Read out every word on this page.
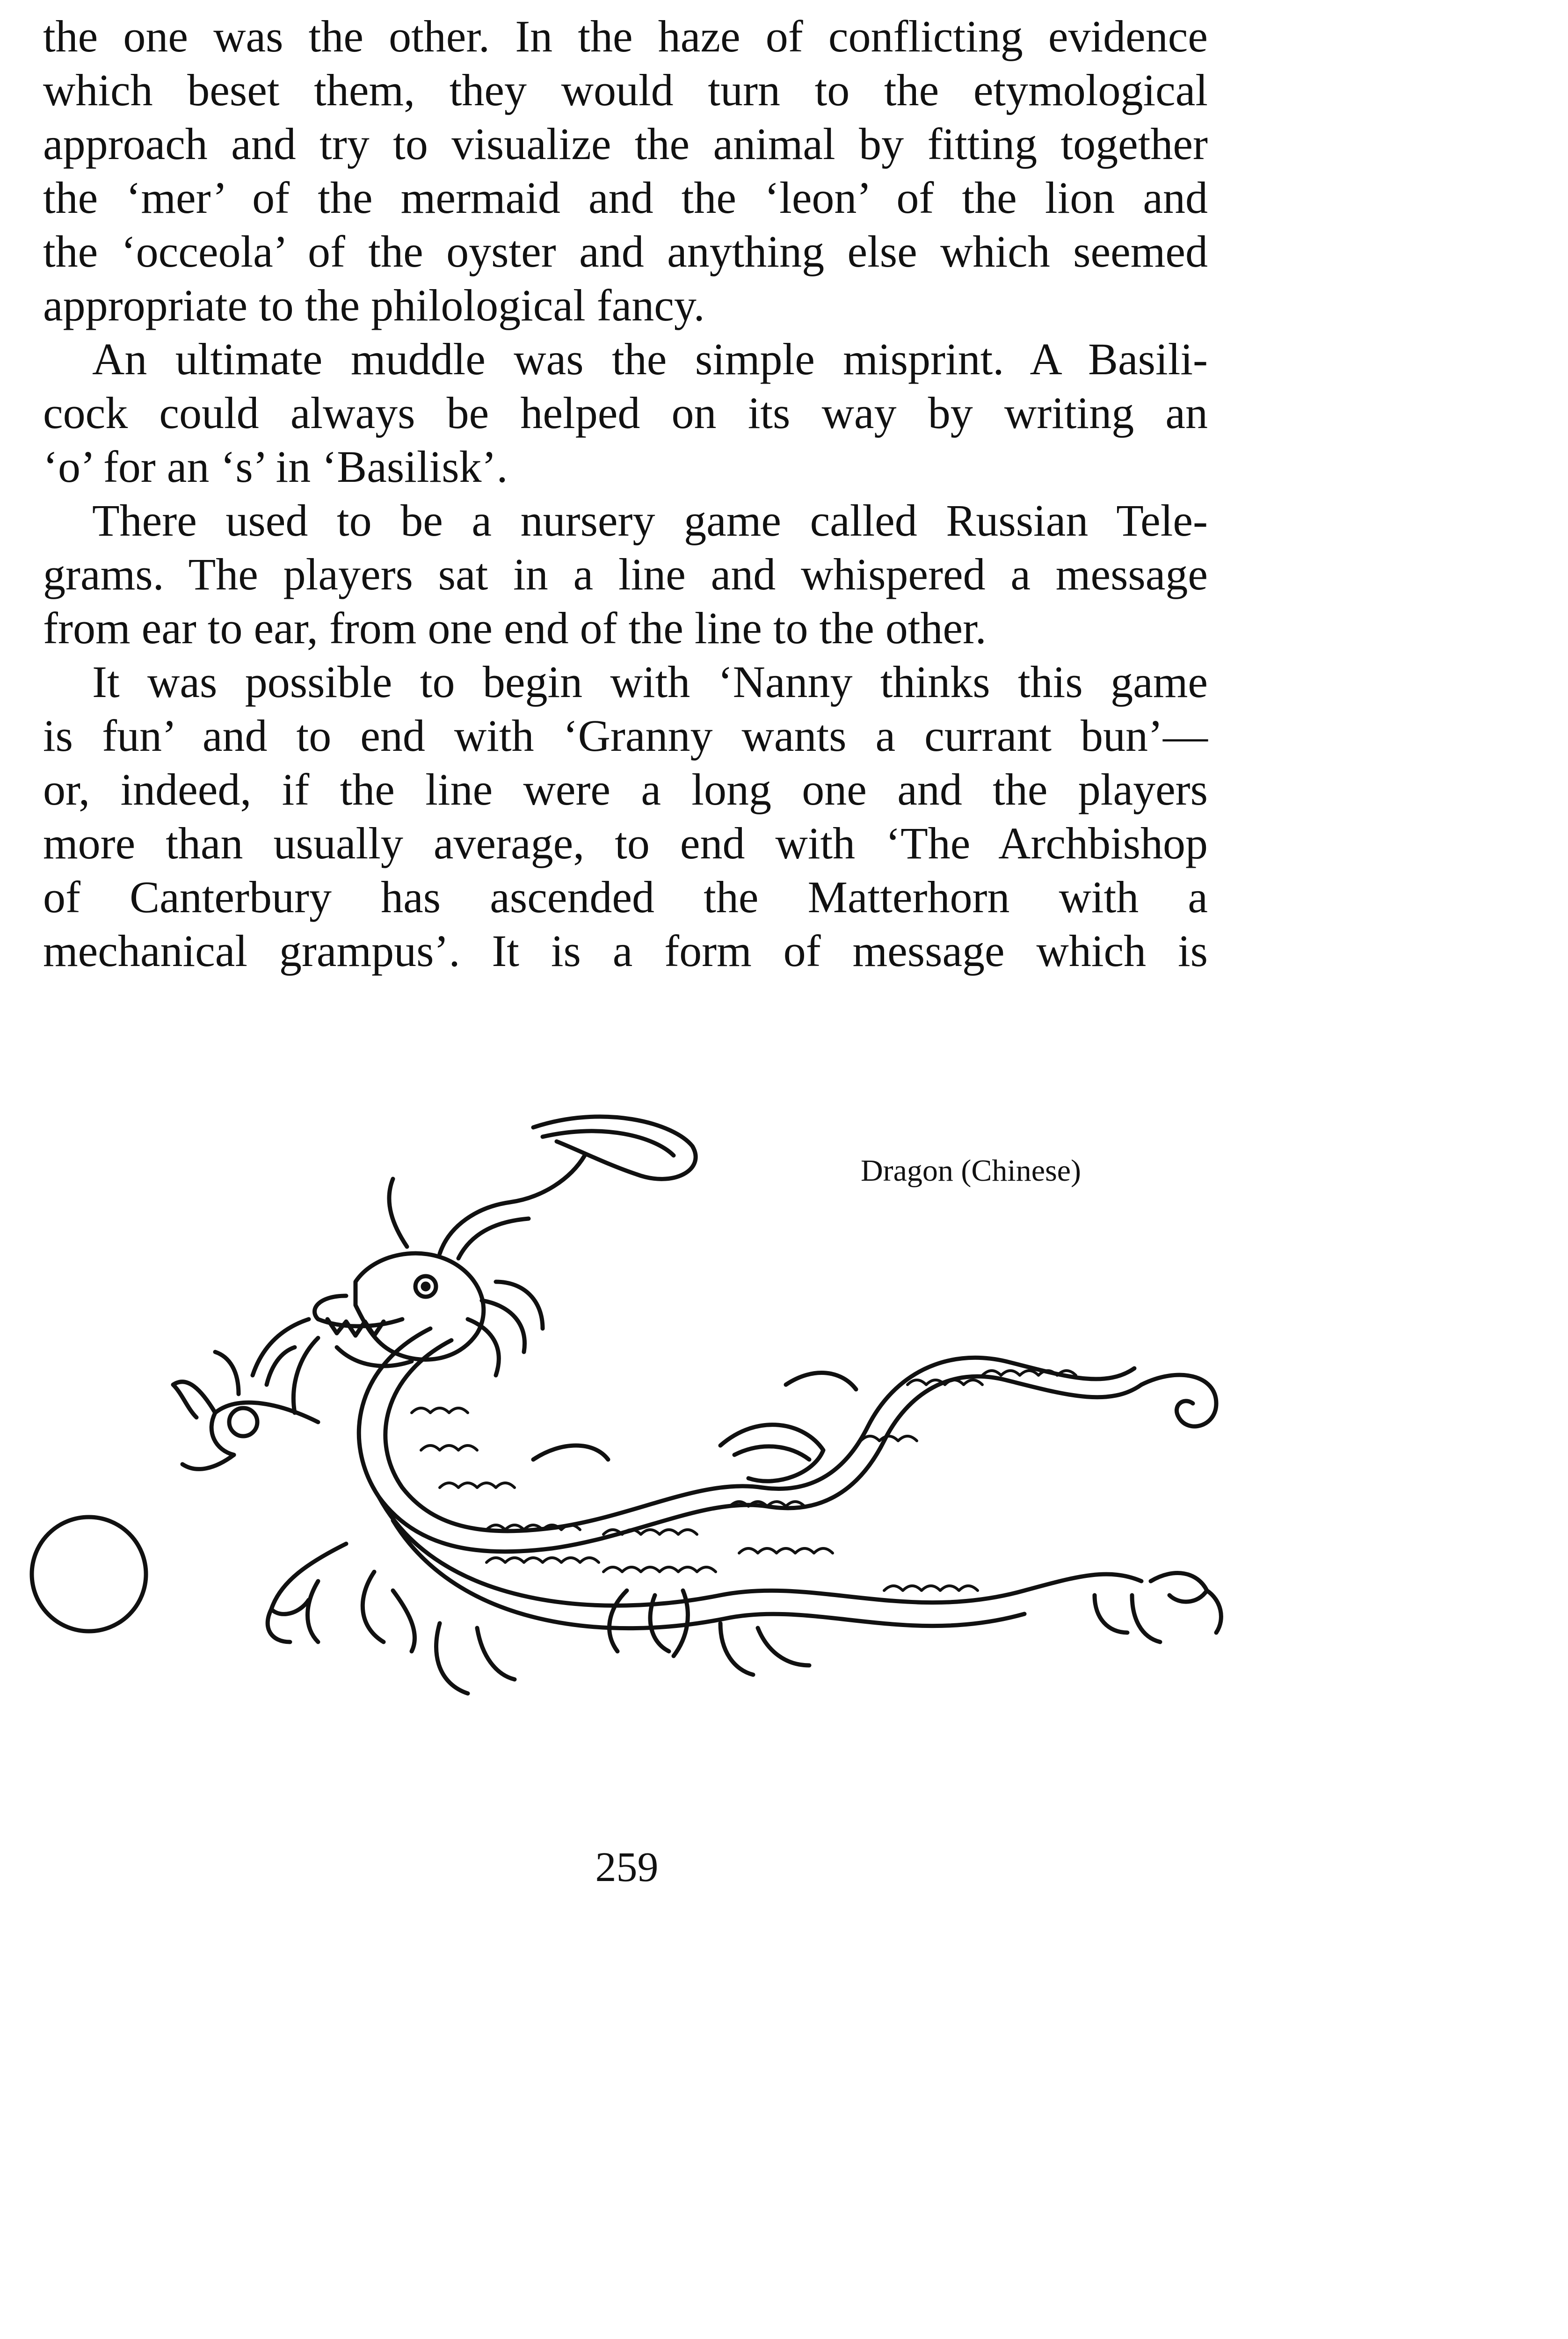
the one was the other. In the haze of conflicting evidence
which beset them, they would turn to the etymological
approach and try to visualize the animal by fitting together
the ‘mer’ of the mermaid and the ‘leon’ of the lion and
the ‘occeola’ of the oyster and anything else which seemed
appropriate to the philological fancy.
An ultimate muddle was the simple misprint. A Basili-
cock could always be helped on its way by writing an
‘o’ for an ‘s’ in ‘Basilisk’.
There used to be a nursery game called Russian Tele-
grams. The players sat in a line and whispered a message
from ear to ear, from one end of the line to the other.
It was possible to begin with ‘Nanny thinks this game
is fun’ and to end with ‘Granny wants a currant bun’—
or, indeed, if the line were a long one and the players
more than usually average, to end with ‘The Archbishop
of Canterbury has ascended the Matterhorn with a
mechanical grampus’. It is a form of message which is
Dragon (Chinese)
259
